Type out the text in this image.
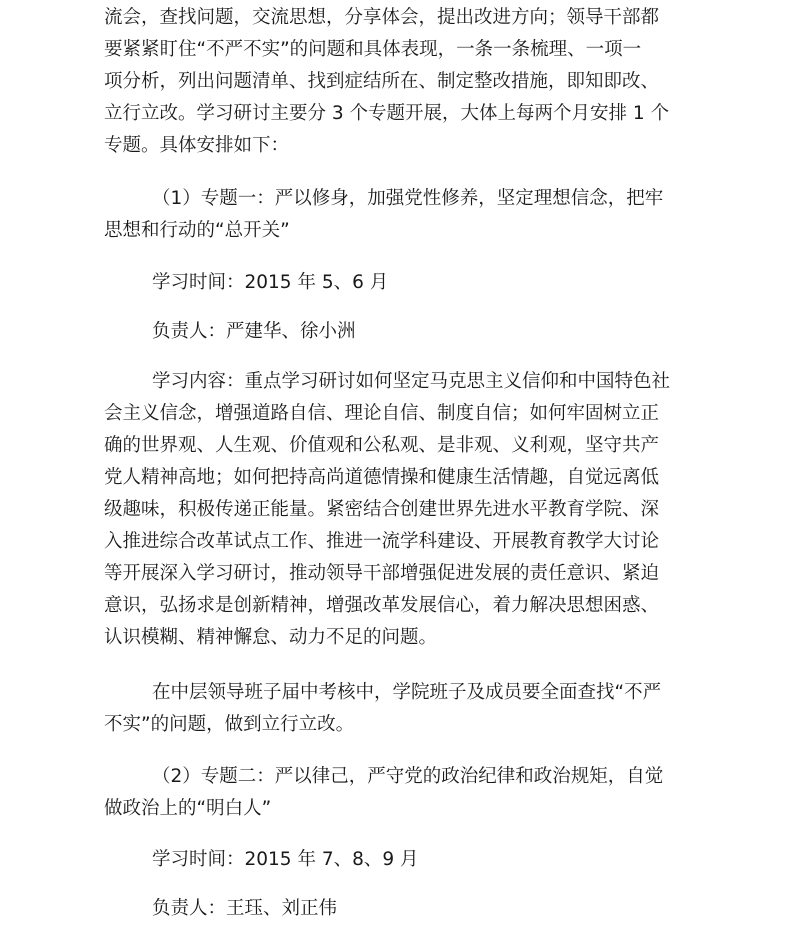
流会，查找问题，交流思想，分享体会，提出改进方向；领导干部都
要紧紧盯住“不严不实”的问题和具体表现，一条一条梳理、一项一
项分析，列出问题清单、找到症结所在、制定整改措施，即知即改、
立行立改。学习研讨主要分 3 个专题开展，大体上每两个月安排 1 个
专题。具体安排如下：
（1）专题一：严以修身，加强党性修养，坚定理想信念，把牢
思想和行动的“总开关”
学习时间：2015 年 5、6 月
负责人：严建华、徐小洲
学习内容：重点学习研讨如何坚定马克思主义信仰和中国特色社
会主义信念，增强道路自信、理论自信、制度自信；如何牢固树立正
确的世界观、人生观、价值观和公私观、是非观、义利观，坚守共产
党人精神高地；如何把持高尚道德情操和健康生活情趣，自觉远离低
级趣味，积极传递正能量。紧密结合创建世界先进水平教育学院、深
入推进综合改革试点工作、推进一流学科建设、开展教育教学大讨论
等开展深入学习研讨，推动领导干部增强促进发展的责任意识、紧迫
意识，弘扬求是创新精神，增强改革发展信心，着力解决思想困惑、
认识模糊、精神懈怠、动力不足的问题。
在中层领导班子届中考核中，学院班子及成员要全面查找“不严
不实”的问题，做到立行立改。
（2）专题二：严以律己，严守党的政治纪律和政治规矩，自觉
做政治上的“明白人”
学习时间：2015 年 7、8、9 月
负责人：王珏、刘正伟
